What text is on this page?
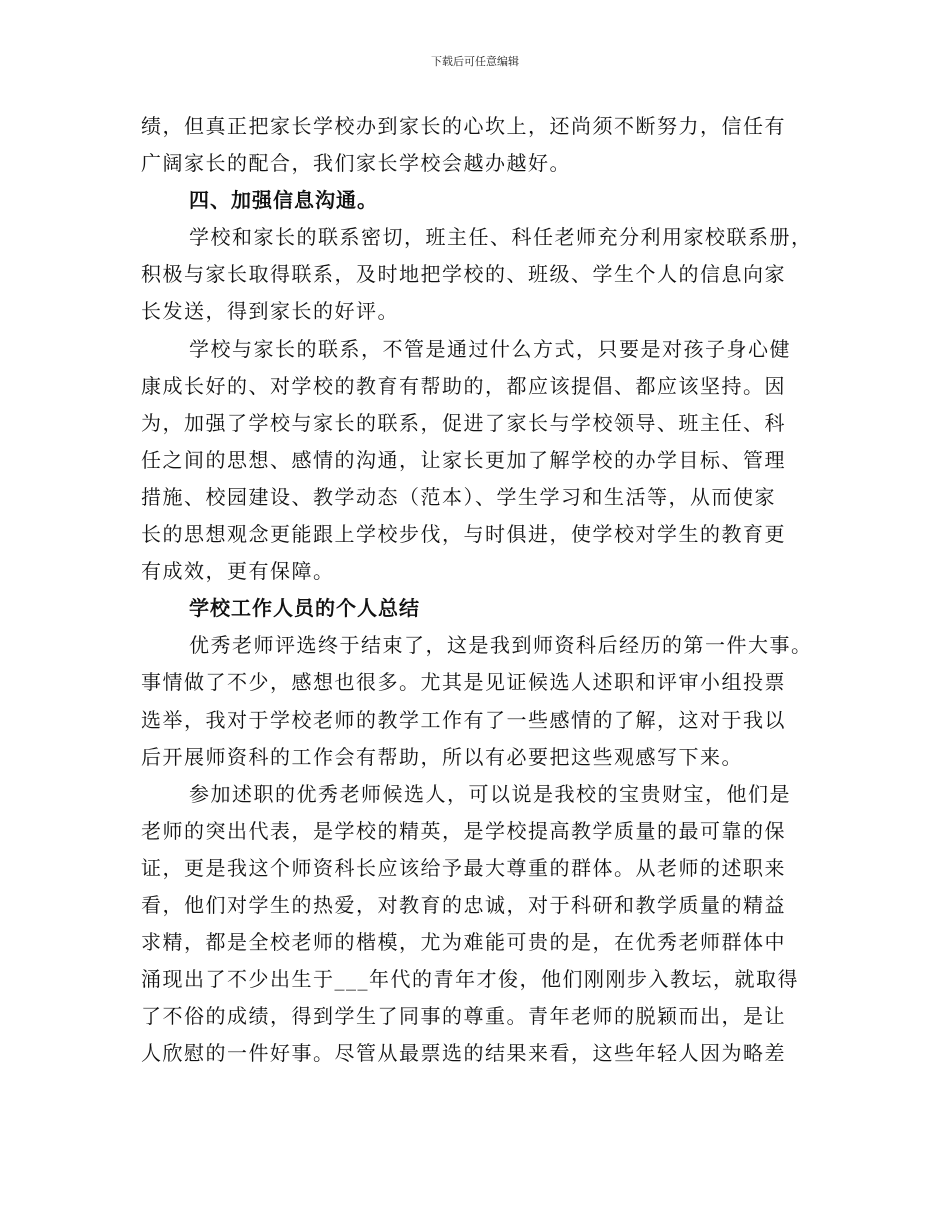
下载后可任意编辑
绩，但真正把家长学校办到家长的心坎上，还尚须不断努力，信任有
广阔家长的配合，我们家长学校会越办越好。
四、加强信息沟通。
学校和家长的联系密切，班主任、科任老师充分利用家校联系册，
积极与家长取得联系，及时地把学校的、班级、学生个人的信息向家
长发送，得到家长的好评。
学校与家长的联系，不管是通过什么方式，只要是对孩子身心健
康成长好的、对学校的教育有帮助的，都应该提倡、都应该坚持。因
为，加强了学校与家长的联系，促进了家长与学校领导、班主任、科
任之间的思想、感情的沟通，让家长更加了解学校的办学目标、管理
措施、校园建设、教学动态（范本）、学生学习和生活等，从而使家
长的思想观念更能跟上学校步伐，与时俱进，使学校对学生的教育更
有成效，更有保障。
学校工作人员的个人总结
优秀老师评选终于结束了，这是我到师资科后经历的第一件大事。
事情做了不少，感想也很多。尤其是见证候选人述职和评审小组投票
选举，我对于学校老师的教学工作有了一些感情的了解，这对于我以
后开展师资科的工作会有帮助，所以有必要把这些观感写下来。
参加述职的优秀老师候选人，可以说是我校的宝贵财宝，他们是
老师的突出代表，是学校的精英，是学校提高教学质量的最可靠的保
证，更是我这个师资科长应该给予最大尊重的群体。从老师的述职来
看，他们对学生的热爱，对教育的忠诚，对于科研和教学质量的精益
求精，都是全校老师的楷模，尤为难能可贵的是，在优秀老师群体中
涌现出了不少出生于___年代的青年才俊，他们刚刚步入教坛，就取得
了不俗的成绩，得到学生了同事的尊重。青年老师的脱颖而出，是让
人欣慰的一件好事。尽管从最票选的结果来看，这些年轻人因为略差
